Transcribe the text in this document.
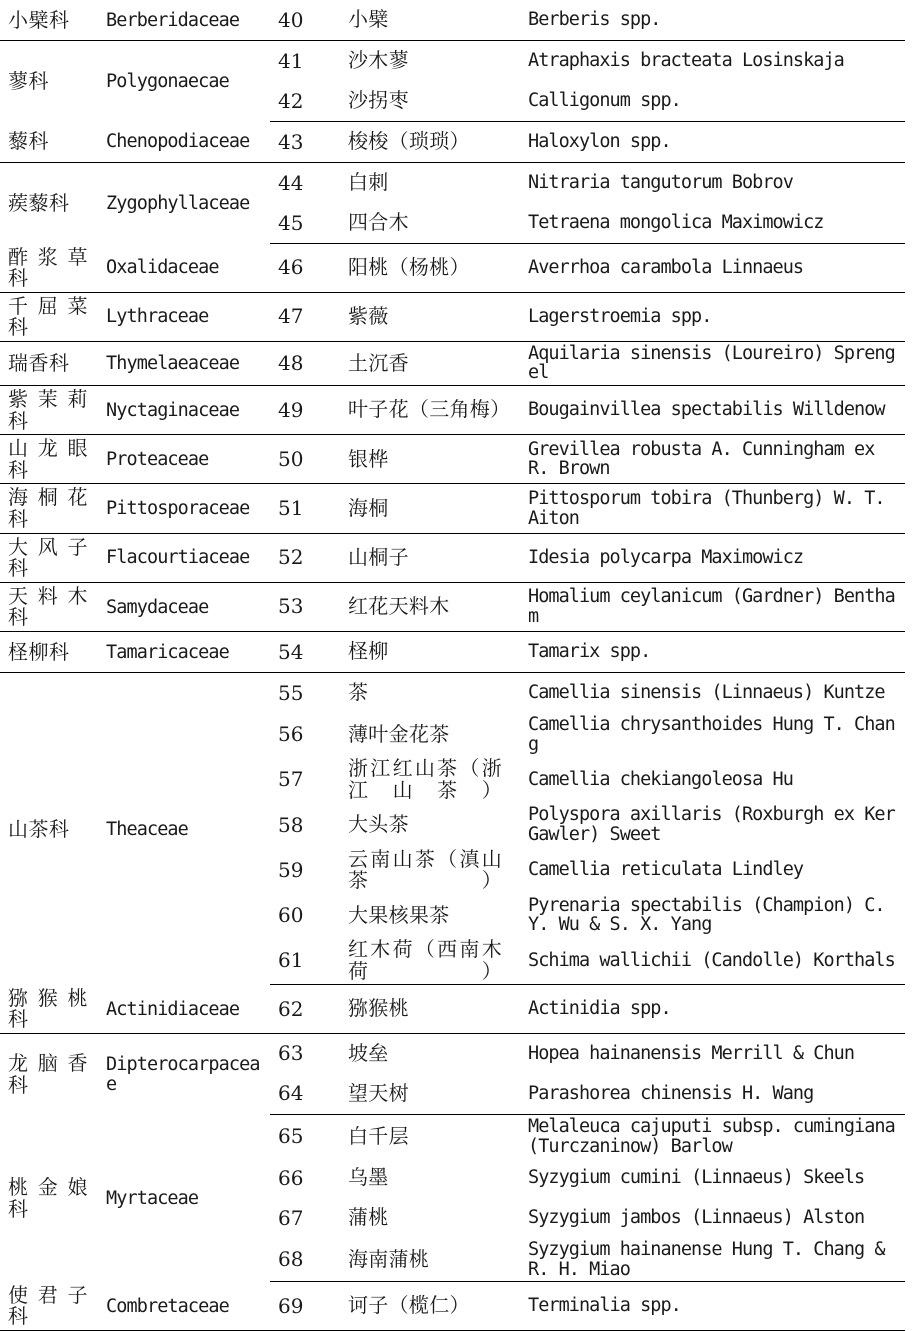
小檗科	Berberidaceae	40	小檗	Berberis spp.

蓼科	Polygonaecae	41	沙木蓼	Atraphaxis bracteata Losinskaja

		42	沙拐枣	Calligonum spp.

藜科	Chenopodiaceae	43	梭梭（琐琐）	Haloxylon spp.

蒺藜科	Zygophyllaceae	44	白刺	Nitraria tangutorum Bobrov

		45	四合木	Tetraena mongolica Maximowicz

酢浆草科	Oxalidaceae	46	阳桃（杨桃）	Averrhoa carambola Linnaeus

千屈菜科	Lythraceae	47	紫薇	Lagerstroemia spp.

瑞香科	Thymelaeaceae	48	土沉香	Aquilaria sinensis (Loureiro) Sprengel

紫茉莉科	Nyctaginaceae	49	叶子花（三角梅）	Bougainvillea spectabilis Willdenow

山龙眼科	Proteaceae	50	银桦	Grevillea robusta A. Cunningham ex R. Brown

海桐花科	Pittosporaceae	51	海桐	Pittosporum tobira (Thunberg) W. T. Aiton

大风子科	Flacourtiaceae	52	山桐子	Idesia polycarpa Maximowicz

天料木科	Samydaceae	53	红花天料木	Homalium ceylanicum (Gardner) Bentham

柽柳科	Tamaricaceae	54	柽柳	Tamarix spp.

山茶科	Theaceae	55	茶	Camellia sinensis (Linnaeus) Kuntze

		56	薄叶金花茶	Camellia chrysanthoides Hung T. Chang

		57	浙江红山茶（浙江山茶）	Camellia chekiangoleosa Hu

		58	大头茶	Polyspora axillaris (Roxburgh ex Ker Gawler) Sweet

		59	云南山茶（滇山茶）	Camellia reticulata Lindley

		60	大果核果茶	Pyrenaria spectabilis (Champion) C. Y. Wu & S. X. Yang

		61	红木荷（西南木荷）	Schima wallichii (Candolle) Korthals

猕猴桃科	Actinidiaceae	62	猕猴桃	Actinidia spp.

龙脑香科	Dipterocarpaceae	63	坡垒	Hopea hainanensis Merrill & Chun

		64	望天树	Parashorea chinensis H. Wang

桃金娘科	Myrtaceae	65	白千层	Melaleuca cajuputi subsp. cumingiana (Turczaninow) Barlow

		66	乌墨	Syzygium cumini (Linnaeus) Skeels

		67	蒲桃	Syzygium jambos (Linnaeus) Alston

		68	海南蒲桃	Syzygium hainanense Hung T. Chang & R. H. Miao

使君子科	Combretaceae	69	诃子（榄仁）	Terminalia spp.
